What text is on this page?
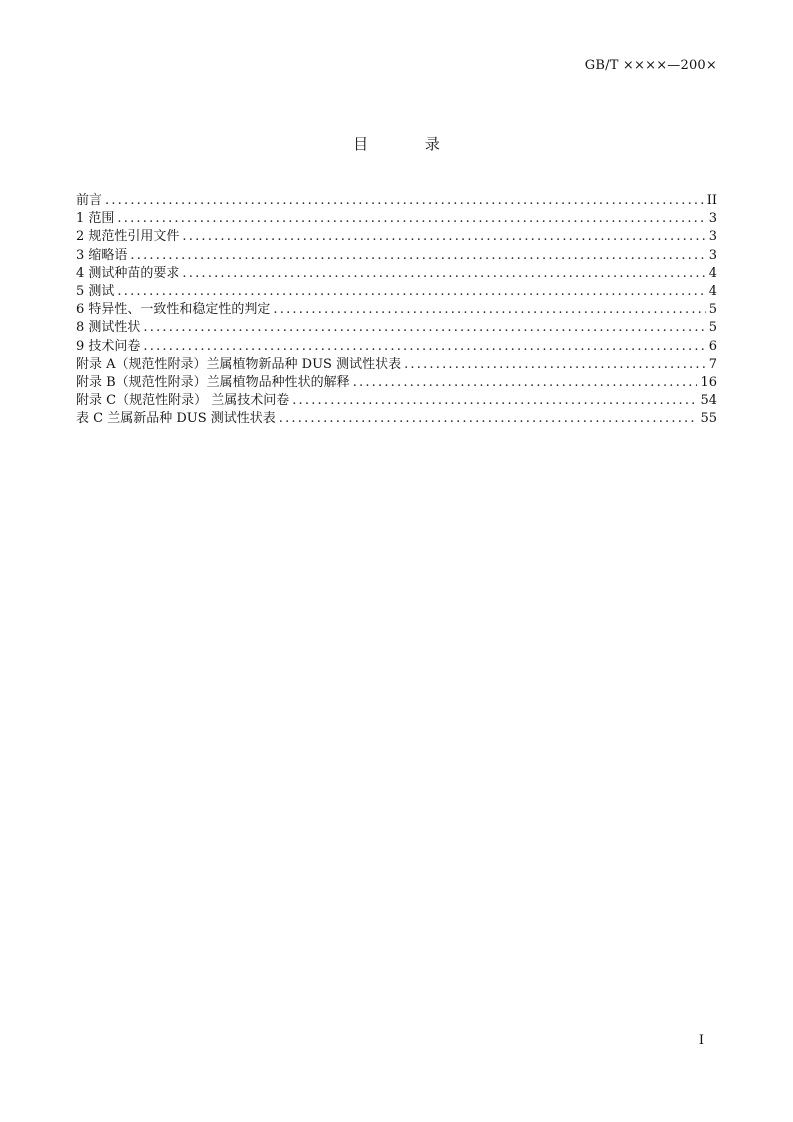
GB/T ××××—200×
目 录
前言 .....	II
1 范围 .....	3
2 规范性引用文件 .....	3
3 缩略语 .....	3
4 测试种苗的要求 .....	4
5 测试 .....	4
6 特异性、一致性和稳定性的判定 .....	5
8 测试性状 .....	5
9 技术问卷 .....	6
附录 A（规范性附录）兰属植物新品种 DUS 测试性状表 .....	7
附录 B（规范性附录）兰属植物品种性状的解释 .....	16
附录 C（规范性附录） 兰属技术问卷 .....	54
表 C 兰属新品种 DUS 测试性状表 .....	55
I
